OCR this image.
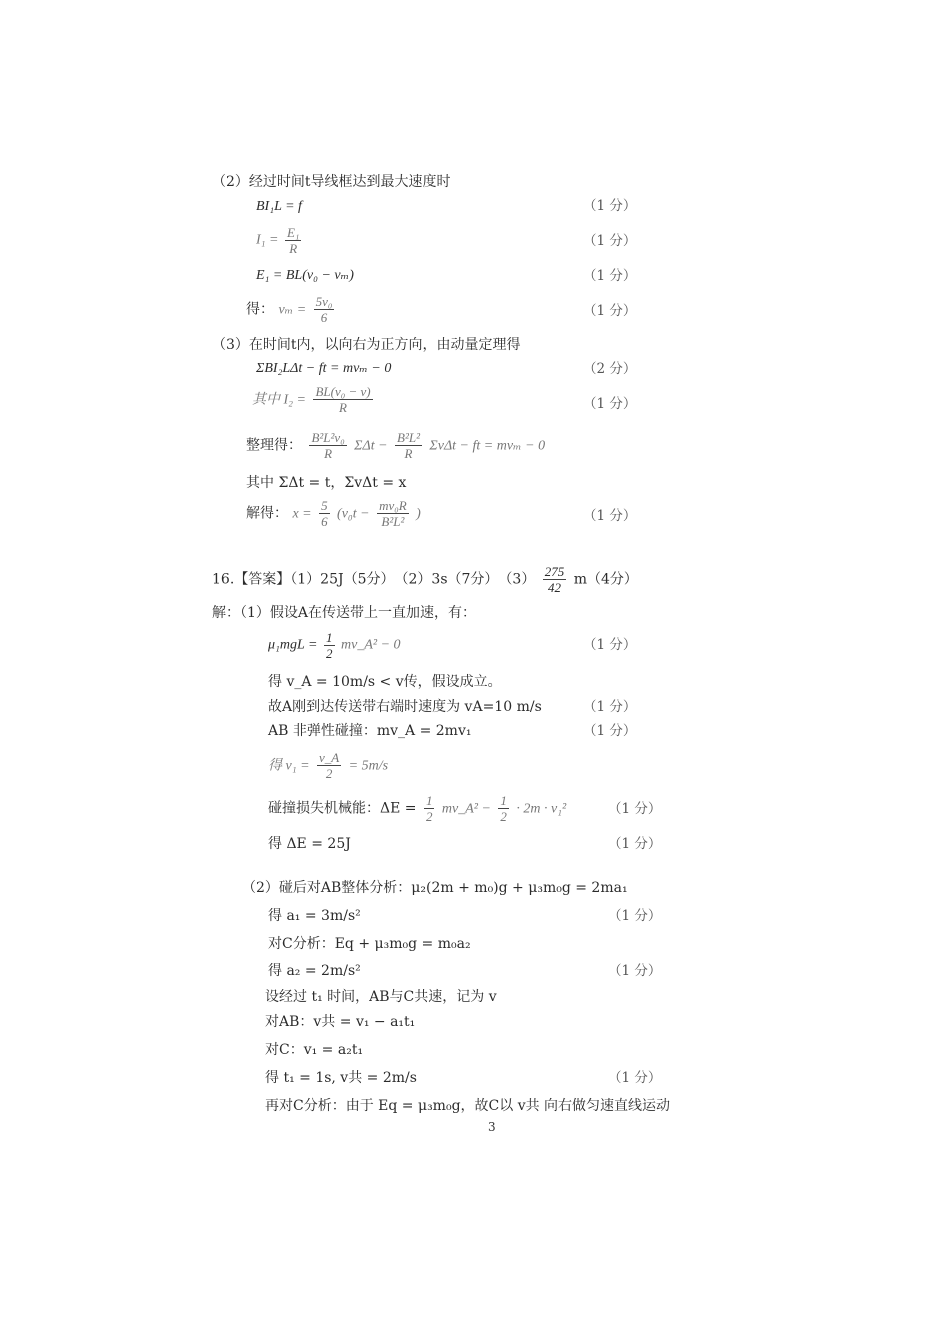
（2）经过时间t导线框达到最大速度时
BI₁L = f	（1 分）
$I_1 = \frac{\text{E₁}}{R}$	（1 分）
E₁ = BL(v₀ − vₘ)	（1 分）
得： $v_m = \frac{\text{5v₀}}{6}$	（1 分）
（3）在时间t内，以向右为正方向，由动量定理得
ΣBI₂LΔt − ft = mvₘ − 0	（2 分）
其中 $I_2 = \frac{\text{BL(v₀ − v)}}{R}$	（1 分）
整理得： $\frac{\text{B²L²v₀}}{R}$ $\Sigma\Delta t - \frac{\text{B²L²}}{R}$ ΣvΔt − ft = mvₘ − 0
其中 ΣΔt = t，ΣvΔt = x
解得： $x = \frac{5}{6} (v_0t - \frac{\text{mv₀R}}{\text{B²L²}}$ )	（1 分）
16.【答案】（1）25J（5分）　（2）3s（7分）　$(3) \frac{275}{42} m(4$分）
解：（1）假设A在传送带上一直加速，有：
$\mu_1mgL = \frac{1}{2}$ mv_A² − 0	（1 分）
得 v_A = 10m/s < v传，假设成立。
故A刚到达传送带右端时速度为 vA=10 m/s	（1 分）
AB 非弹性碰撞：mv_A = 2mv₁	（1 分）
得 $v_1 = \frac{v\_A}{2} = 5m/s$
碰撞损失机械能：$\Delta E = \frac{1}{2}$ mv_A² − $\frac{1}{2} \cdot 2m \cdot v_1^2$	（1 分）
得 ΔE = 25J	（1 分）
（2）碰后对AB整体分析：μ₂(2m + m₀)g + μ₃m₀g = 2ma₁
得 a₁ = 3m/s²	（1 分）
对C分析：Eq + μ₃m₀g = m₀a₂
得 a₂ = 2m/s²	（1 分）
设经过 t₁ 时间，AB与C共速，记为 v
对AB：v共 = v₁ − a₁t₁
对C：v₁ = a₂t₁
得 t₁ = 1s, v共 = 2m/s	（1 分）
再对C分析：由于 Eq = μ₃m₀g，故C以 v共 向右做匀速直线运动
3
